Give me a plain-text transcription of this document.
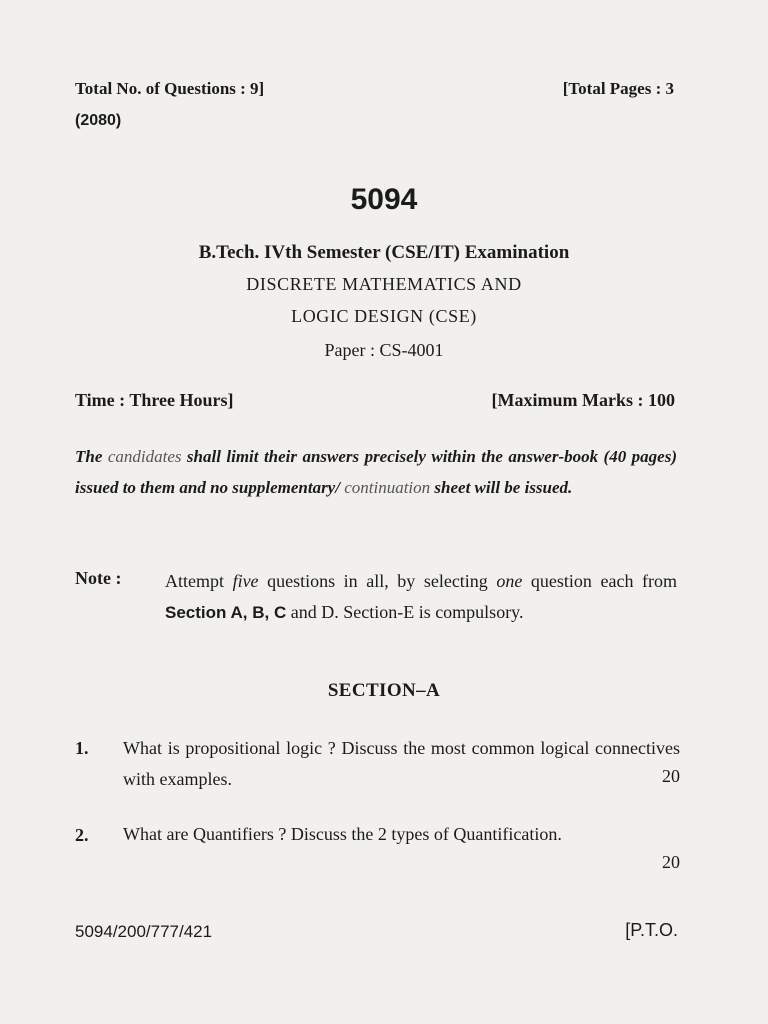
Total No. of Questions : 9]	[Total Pages : 3
(2080)
5094
B.Tech. IVth Semester (CSE/IT) Examination
DISCRETE MATHEMATICS AND
LOGIC DESIGN (CSE)
Paper : CS-4001
Time : Three Hours]	[Maximum Marks : 100
The candidates shall limit their answers precisely within the answer-book (40 pages) issued to them and no supplementary/ continuation sheet will be issued.
Note : Attempt five questions in all, by selecting one question each from Section A, B, C and D. Section-E is compulsory.
SECTION–A
1. What is propositional logic ? Discuss the most common logical connectives with examples.	20
2. What are Quantifiers ? Discuss the 2 types of Quantification.
20
5094/200/777/421	[P.T.O.
